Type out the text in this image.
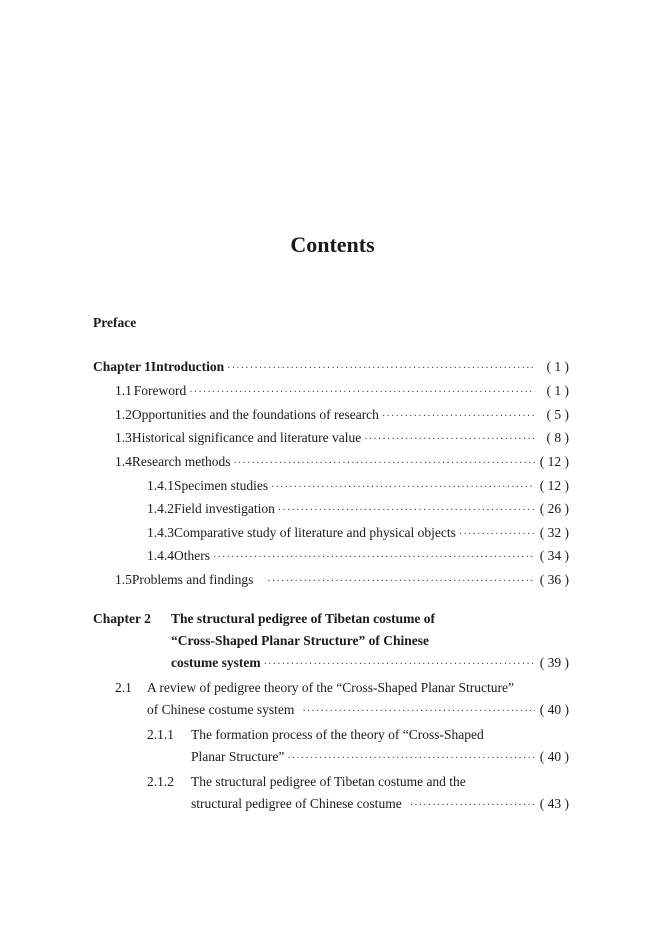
Contents
Preface
Chapter 1 Introduction ·····	( 1 )
1.1 Foreword ·····	( 1 )
1.2 Opportunities and the foundations of research ·····	( 5 )
1.3 Historical significance and literature value ·····	( 8 )
1.4 Research methods ·····	( 12 )
1.4.1 Specimen studies ·····	( 12 )
1.4.2 Field investigation ·····	( 26 )
1.4.3 Comparative study of literature and physical objects ·····	( 32 )
1.4.4 Others ·····	( 34 )
1.5 Problems and findings ·····	( 36 )
Chapter 2	The structural pedigree of Tibetan costume of
“Cross-Shaped Planar Structure” of Chinese
costume system ·····	( 39 )
2.1	A review of pedigree theory of the “Cross-Shaped Planar Structure”
of Chinese costume system ·····	( 40 )
2.1.1	The formation process of the theory of “Cross-Shaped
Planar Structure” ·····	( 40 )
2.1.2	The structural pedigree of Tibetan costume and the
structural pedigree of Chinese costume ·····	( 43 )
